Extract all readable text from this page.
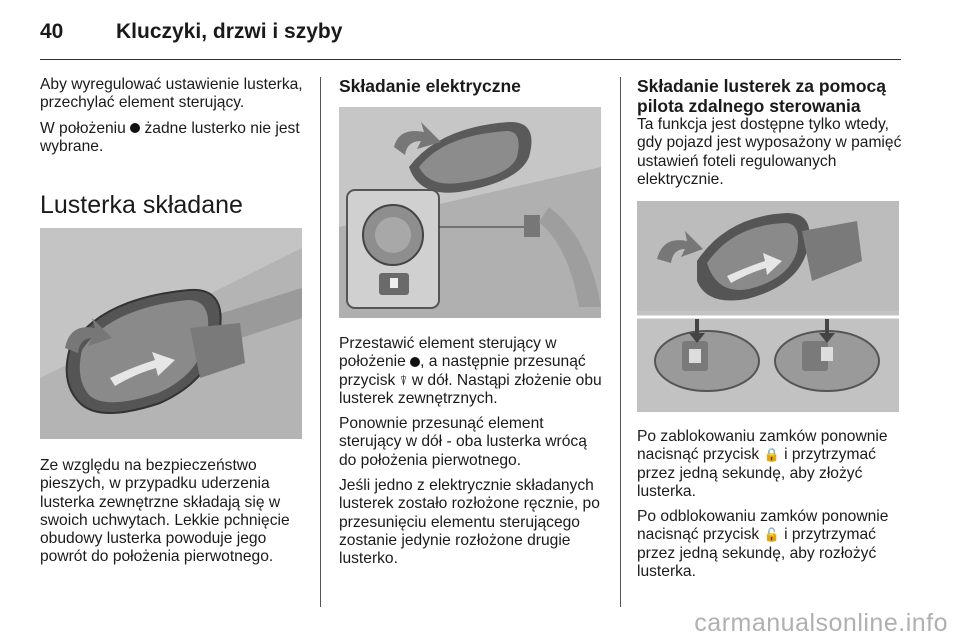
40	Kluczyki, drzwi i szyby

Aby wyregulować ustawienie lusterka, przechylać element sterujący.

W położeniu żadne lusterko nie jest wybrane.

Lusterka składane

Ze względu na bezpieczeństwo pieszych, w przypadku uderzenia lusterka zewnętrzne składają się w swoich uchwytach. Lekkie pchnięcie obudowy lusterka powoduje jego powrót do położenia pierwotnego.

Składanie elektryczne

Przestawić element sterujący w położenie , a następnie przesunąć przycisk ⍒ w dół. Nastąpi złożenie obu lusterek zewnętrznych.

Ponownie przesunąć element sterujący w dół - oba lusterka wrócą do położenia pierwotnego.

Jeśli jedno z elektrycznie składanych lusterek zostało rozłożone ręcznie, po przesunięciu elementu sterującego zostanie jedynie rozłożone drugie lusterko.

Składanie lusterek za pomocą pilota zdalnego sterowania

Ta funkcja jest dostępne tylko wtedy, gdy pojazd jest wyposażony w pamięć ustawień foteli regulowanych elektrycznie.

Po zablokowaniu zamków ponownie nacisnąć przycisk 🔒 i przytrzymać przez jedną sekundę, aby złożyć lusterka.

Po odblokowaniu zamków ponownie nacisnąć przycisk 🔓 i przytrzymać przez jedną sekundę, aby rozłożyć lusterka.

carmanualsonline.info
